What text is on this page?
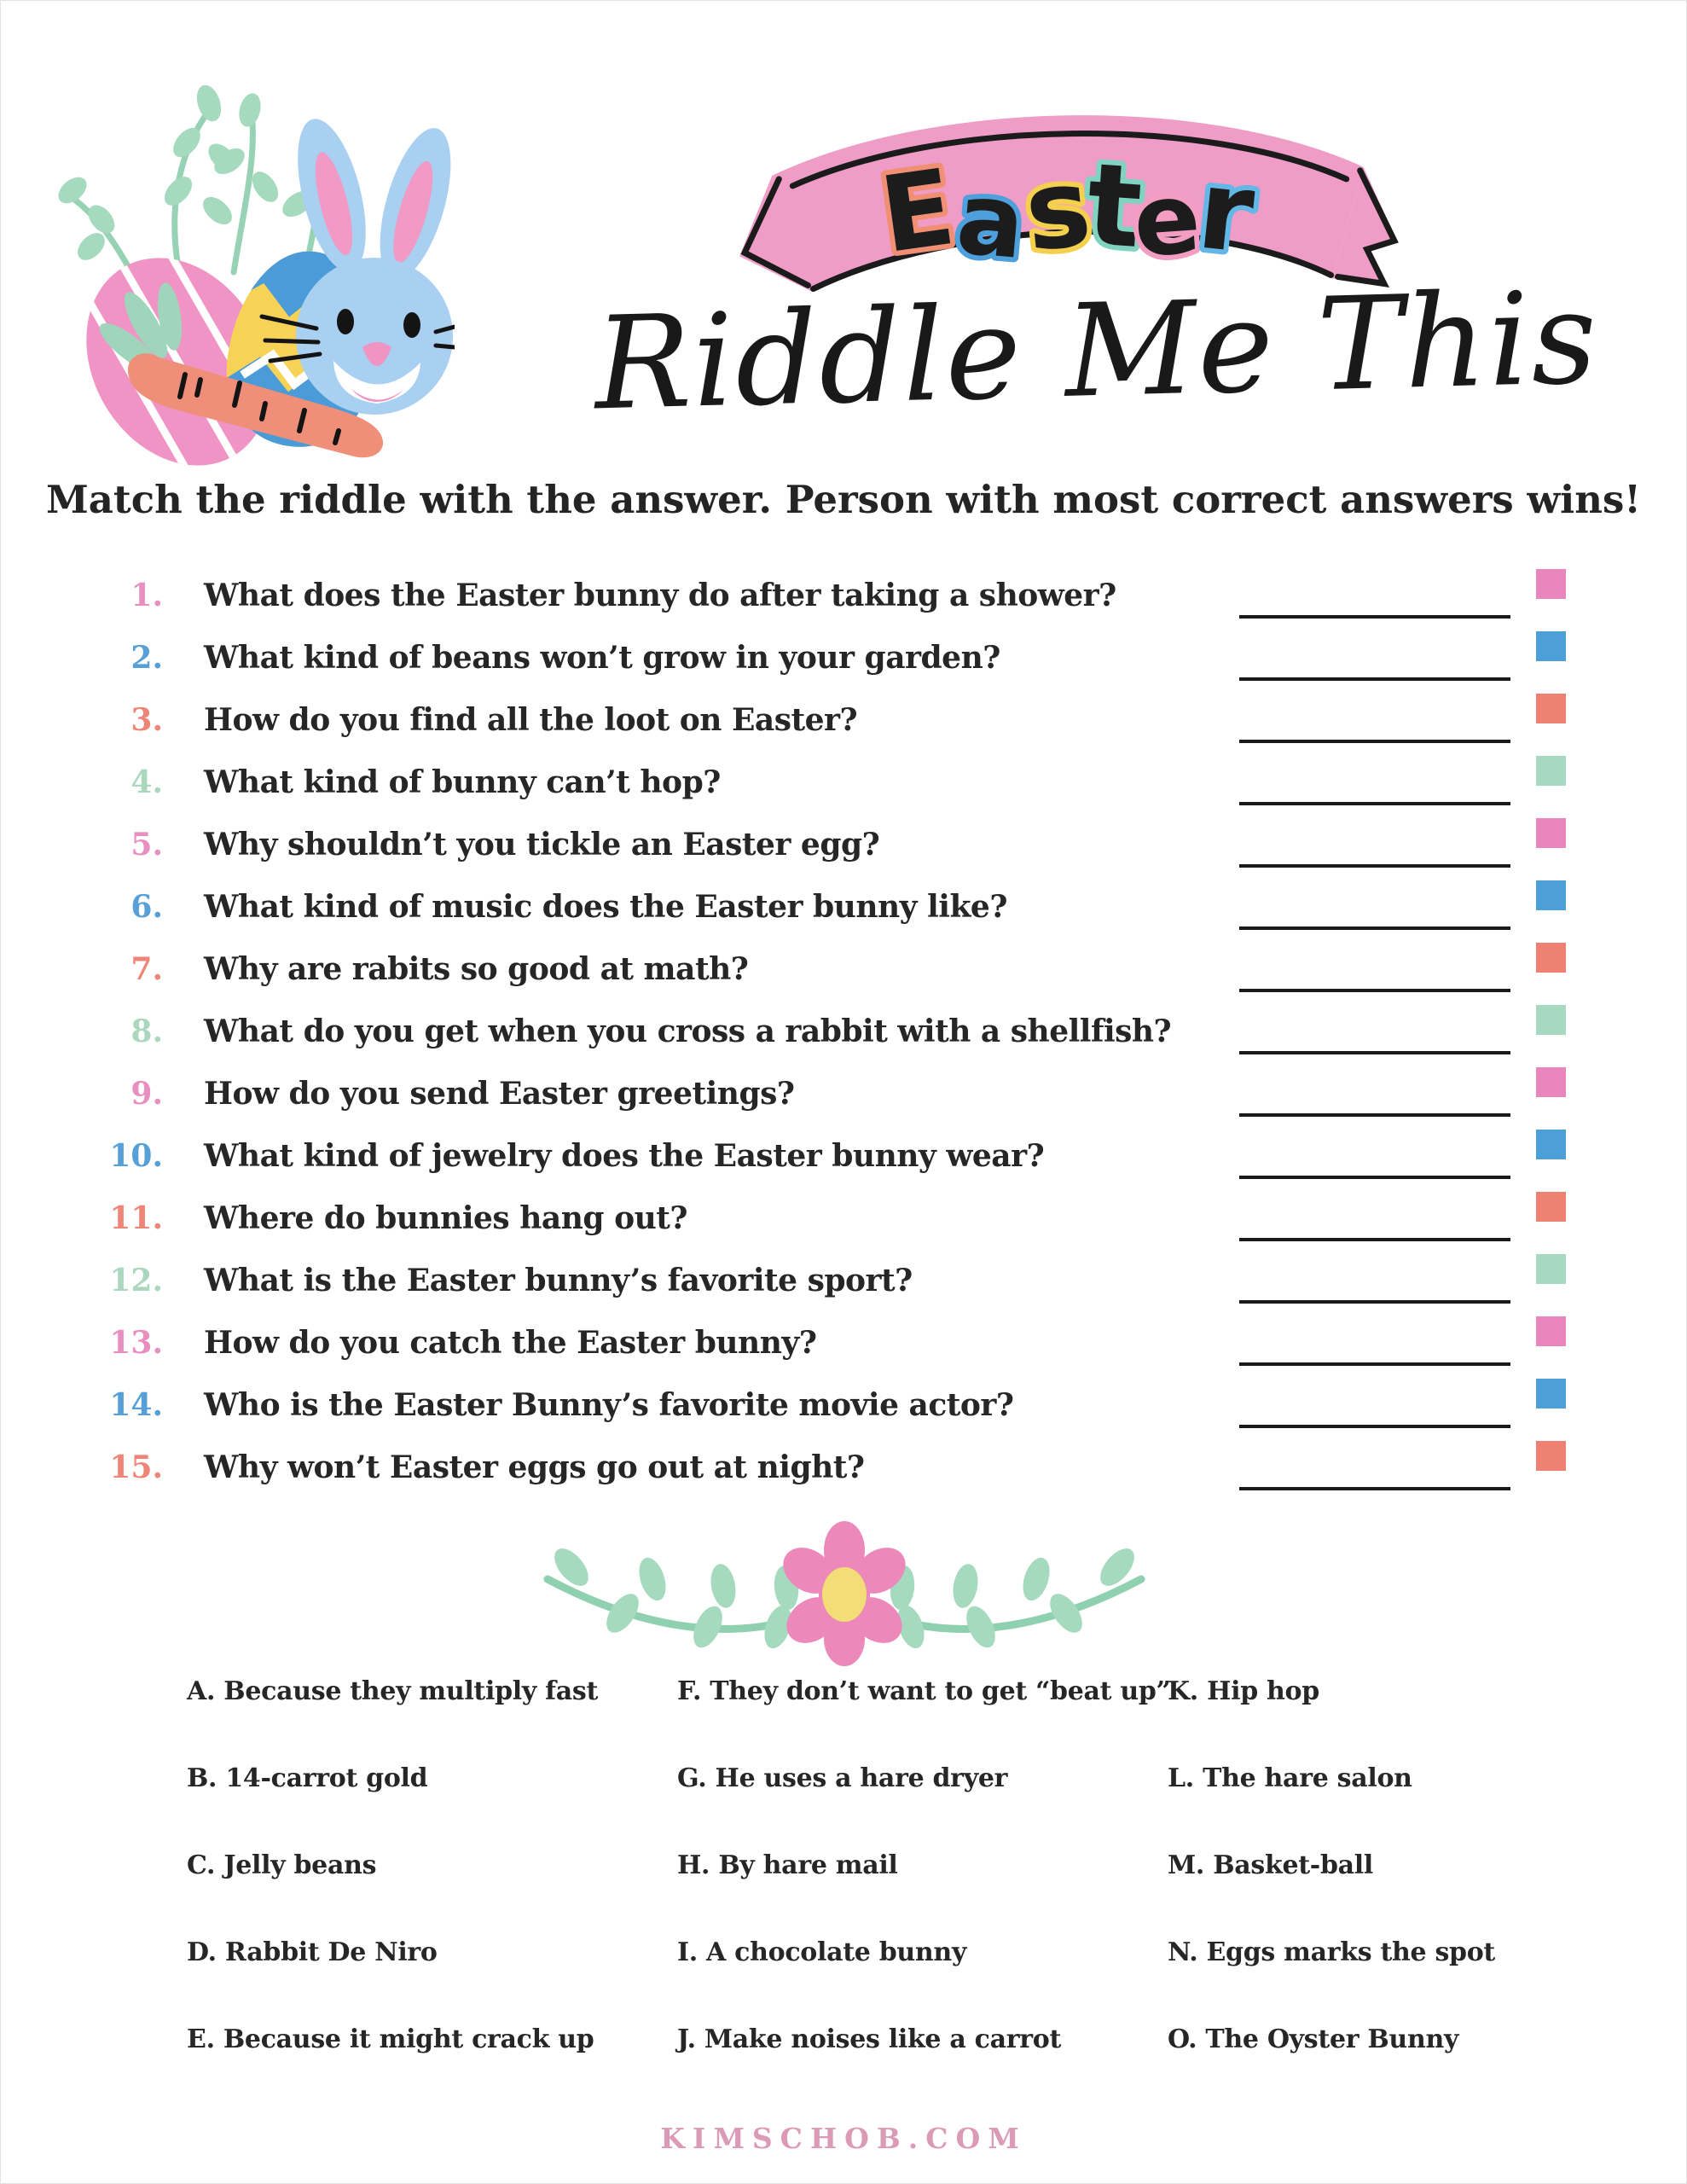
E
a
s
t
e
r
Riddle Me This
Match the riddle with the answer. Person with most correct answers wins!
1. What does the Easter bunny do after taking a shower?
2. What kind of beans won’t grow in your garden?
3. How do you find all the loot on Easter?
4. What kind of bunny can’t hop?
5. Why shouldn’t you tickle an Easter egg?
6. What kind of music does the Easter bunny like?
7. Why are rabits so good at math?
8. What do you get when you cross a rabbit with a shellfish?
9. How do you send Easter greetings?
10. What kind of jewelry does the Easter bunny wear?
11. Where do bunnies hang out?
12. What is the Easter bunny’s favorite sport?
13. How do you catch the Easter bunny?
14. Who is the Easter Bunny’s favorite movie actor?
15. Why won’t Easter eggs go out at night?
A. Because they multiply fast
B. 14-carrot gold
C. Jelly beans
D. Rabbit De Niro
E. Because it might crack up
F. They don’t want to get “beat up”
G. He uses a hare dryer
H. By hare mail
I. A chocolate bunny
J. Make noises like a carrot
K. Hip hop
L. The hare salon
M. Basket-ball
N. Eggs marks the spot
O. The Oyster Bunny
KIMSCHOB.COM
